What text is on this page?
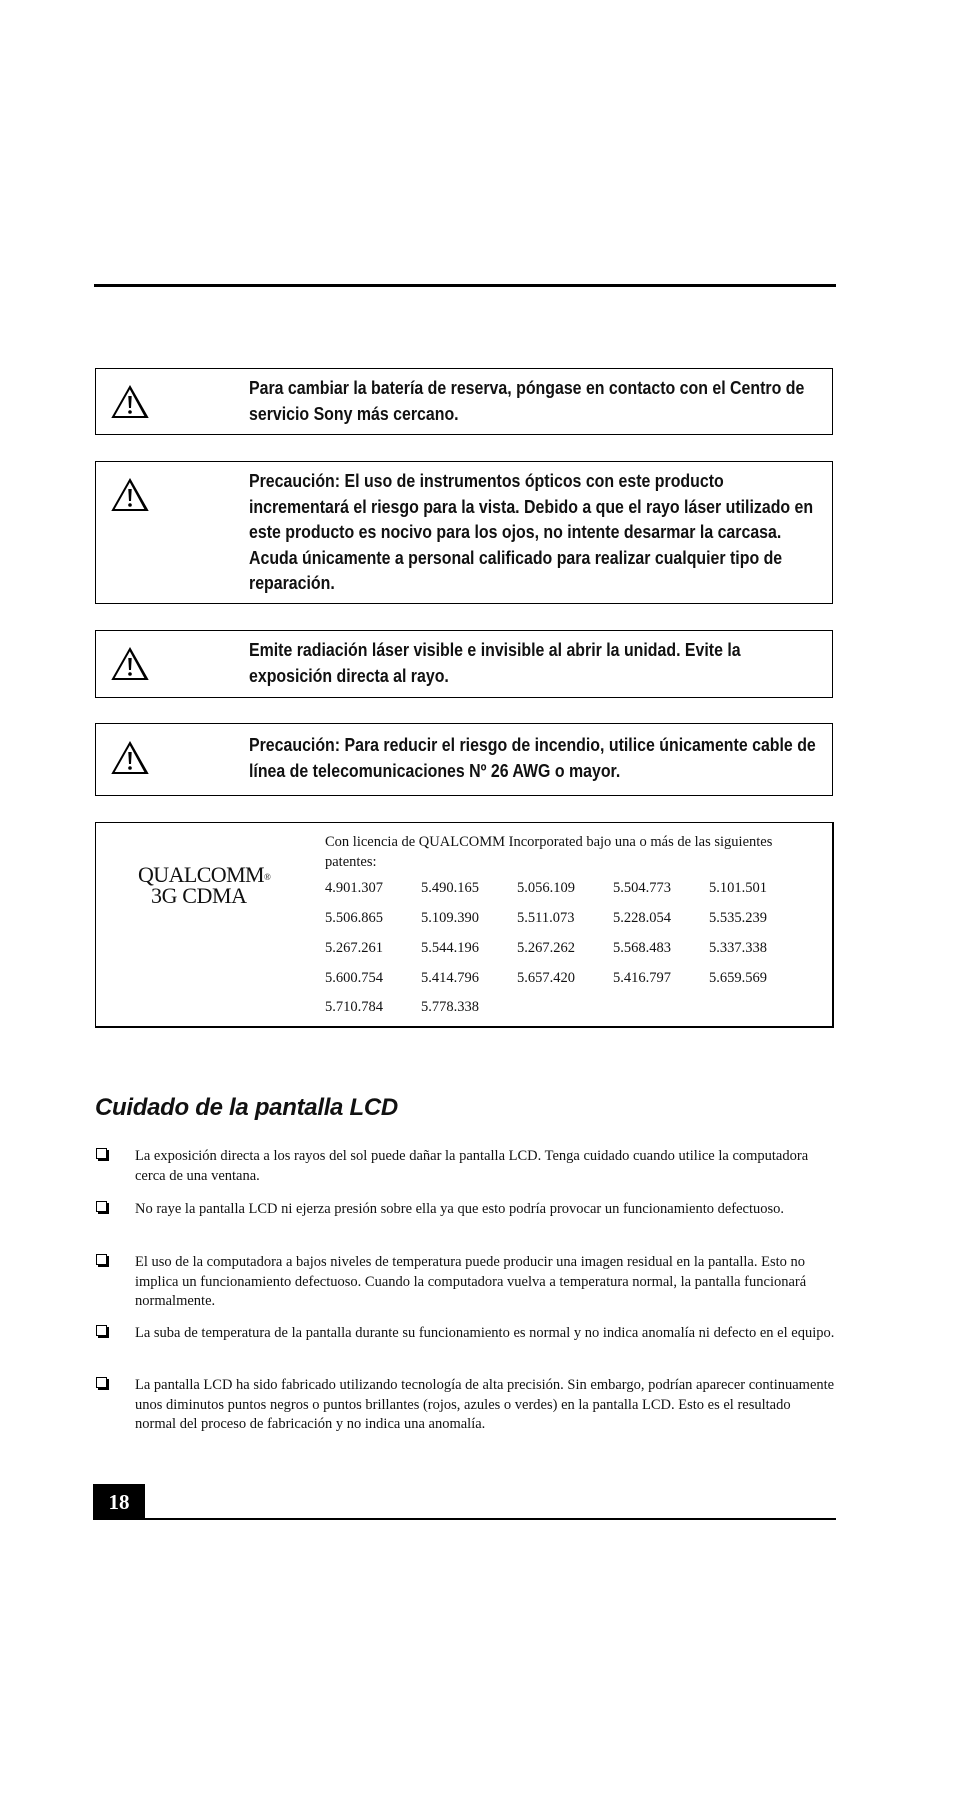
Para cambiar la batería de reserva, póngase en contacto con el Centro de servicio Sony más cercano.
Precaución: El uso de instrumentos ópticos con este producto incrementará el riesgo para la vista. Debido a que el rayo láser utilizado en este producto es nocivo para los ojos, no intente desarmar la carcasa. Acuda únicamente a personal calificado para realizar cualquier tipo de reparación.
Emite radiación láser visible e invisible al abrir la unidad. Evite la exposición directa al rayo.
Precaución: Para reducir el riesgo de incendio, utilice únicamente cable de línea de telecomunicaciones Nº 26 AWG o mayor.
QUALCOMM®
3G CDMA
Con licencia de QUALCOMM Incorporated bajo una o más de las siguientes patentes:
4.901.307	5.490.165	5.056.109	5.504.773	5.101.501
5.506.865	5.109.390	5.511.073	5.228.054	5.535.239
5.267.261	5.544.196	5.267.262	5.568.483	5.337.338
5.600.754	5.414.796	5.657.420	5.416.797	5.659.569
5.710.784	5.778.338
Cuidado de la pantalla LCD
La exposición directa a los rayos del sol puede dañar la pantalla LCD. Tenga cuidado cuando utilice la computadora cerca de una ventana.
No raye la pantalla LCD ni ejerza presión sobre ella ya que esto podría provocar un funcionamiento defectuoso.
El uso de la computadora a bajos niveles de temperatura puede producir una imagen residual en la pantalla. Esto no implica un funcionamiento defectuoso. Cuando la computadora vuelva a temperatura normal, la pantalla funcionará normalmente.
La suba de temperatura de la pantalla durante su funcionamiento es normal y no indica anomalía ni defecto en el equipo.
La pantalla LCD ha sido fabricado utilizando tecnología de alta precisión. Sin embargo, podrían aparecer continuamente unos diminutos puntos negros o puntos brillantes (rojos, azules o verdes) en la pantalla LCD. Esto es el resultado normal del proceso de fabricación y no indica una anomalía.
18
